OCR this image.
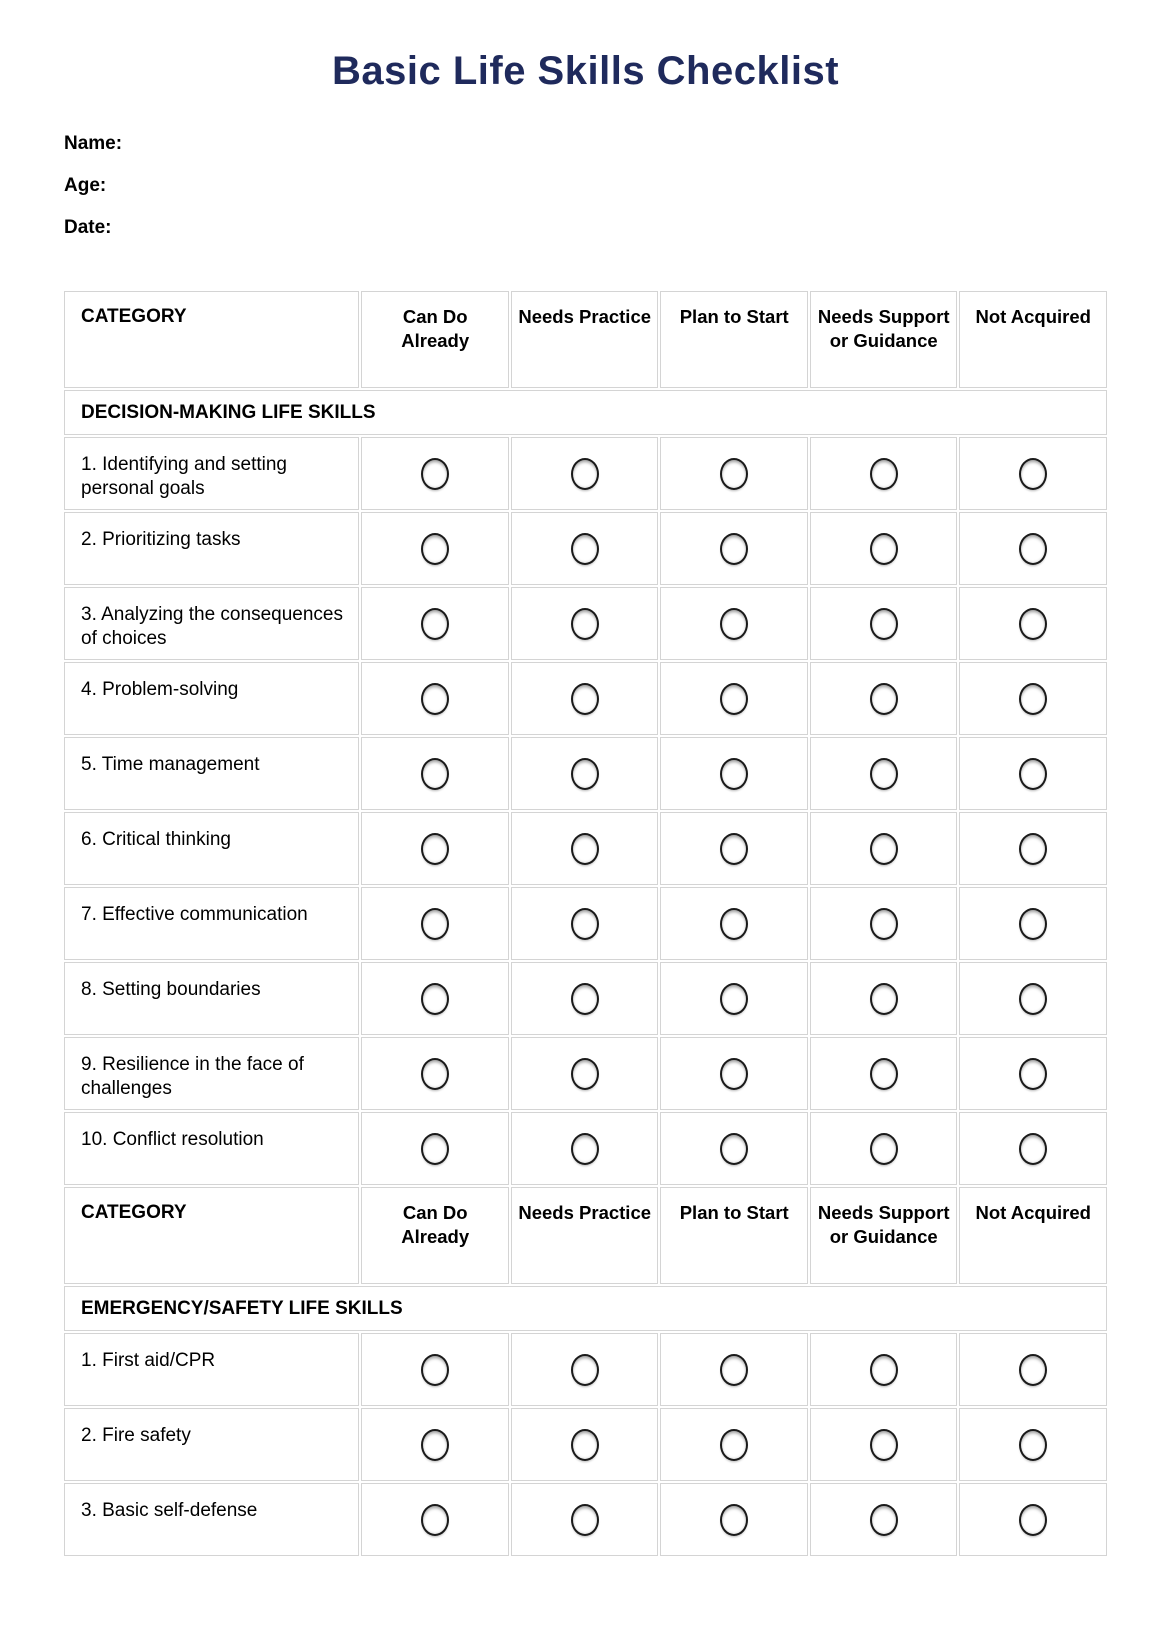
Basic Life Skills Checklist
Name:
Age:
Date:
CATEGORY	Can Do Already	Needs Practice	Plan to Start	Needs Support or Guidance	Not Acquired
DECISION-MAKING LIFE SKILLS					
1. Identifying and setting personal goals					
2. Prioritizing tasks					
3. Analyzing the consequences of choices					
4. Problem-solving					
5. Time management					
6. Critical thinking					
7. Effective communication					
8. Setting boundaries					
9. Resilience in the face of challenges					
10. Conflict resolution					
CATEGORY	Can Do Already	Needs Practice	Plan to Start	Needs Support or Guidance	Not Acquired
EMERGENCY/SAFETY LIFE SKILLS					
1. First aid/CPR					
2. Fire safety					
3. Basic self-defense					
